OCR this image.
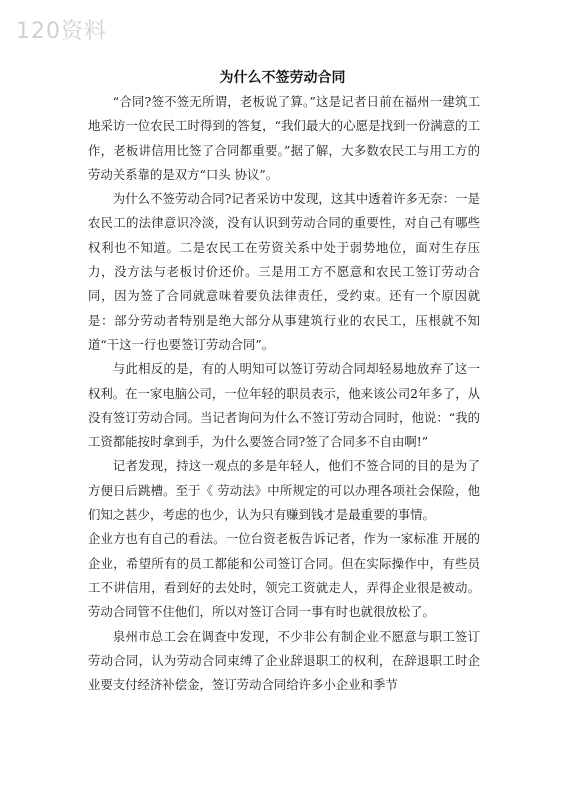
120资料
为什么不签劳动合同

“合同?签不签无所谓，老板说了算。”这是记者日前在福州一建筑工地采访一位农民工时得到的答复，“我们最大的心愿是找到一份满意的工作，老板讲信用比签了合同都重要。”据了解，大多数农民工与用工方的劳动关系靠的是双方“口头 协议”。

为什么不签劳动合同?记者采访中发现，这其中透着许多无奈：一是农民工的法律意识冷淡，没有认识到劳动合同的重要性，对自己有哪些权利也不知道。二是农民工在劳资关系中处于弱势地位，面对生存压力，没方法与老板讨价还价。三是用工方不愿意和农民工签订劳动合同，因为签了合同就意味着要负法律责任，受约束。还有一个原因就是：部分劳动者特别是绝大部分从事建筑行业的农民工，压根就不知道“干这一行也要签订劳动合同”。

与此相反的是，有的人明知可以签订劳动合同却轻易地放弃了这一权利。在一家电脑公司，一位年轻的职员表示，他来该公司2年多了，从没有签订劳动合同。当记者询问为什么不签订劳动合同时，他说：“我的 工资都能按时拿到手，为什么要签合同?签了合同多不自由啊!”

记者发现，持这一观点的多是年轻人，他们不签合同的目的是为了方便日后跳槽。至于《 劳动法》中所规定的可以办理各项社会保险，他们知之甚少，考虑的也少，认为只有赚到钱才是最重要的事情。

企业方也有自己的看法。一位台资老板告诉记者，作为一家标准 开展的企业，希望所有的员工都能和公司签订合同。但在实际操作中，有些员工不讲信用，看到好的去处时，领完工资就走人，弄得企业很是被动。劳动合同管不住他们，所以对签订合同一事有时也就很放松了。

泉州市总工会在调查中发现，不少非公有制企业不愿意与职工签订劳动合同，认为劳动合同束缚了企业辞退职工的权利，在辞退职工时企业要支付经济补偿金，签订劳动合同给许多小企业和季节
